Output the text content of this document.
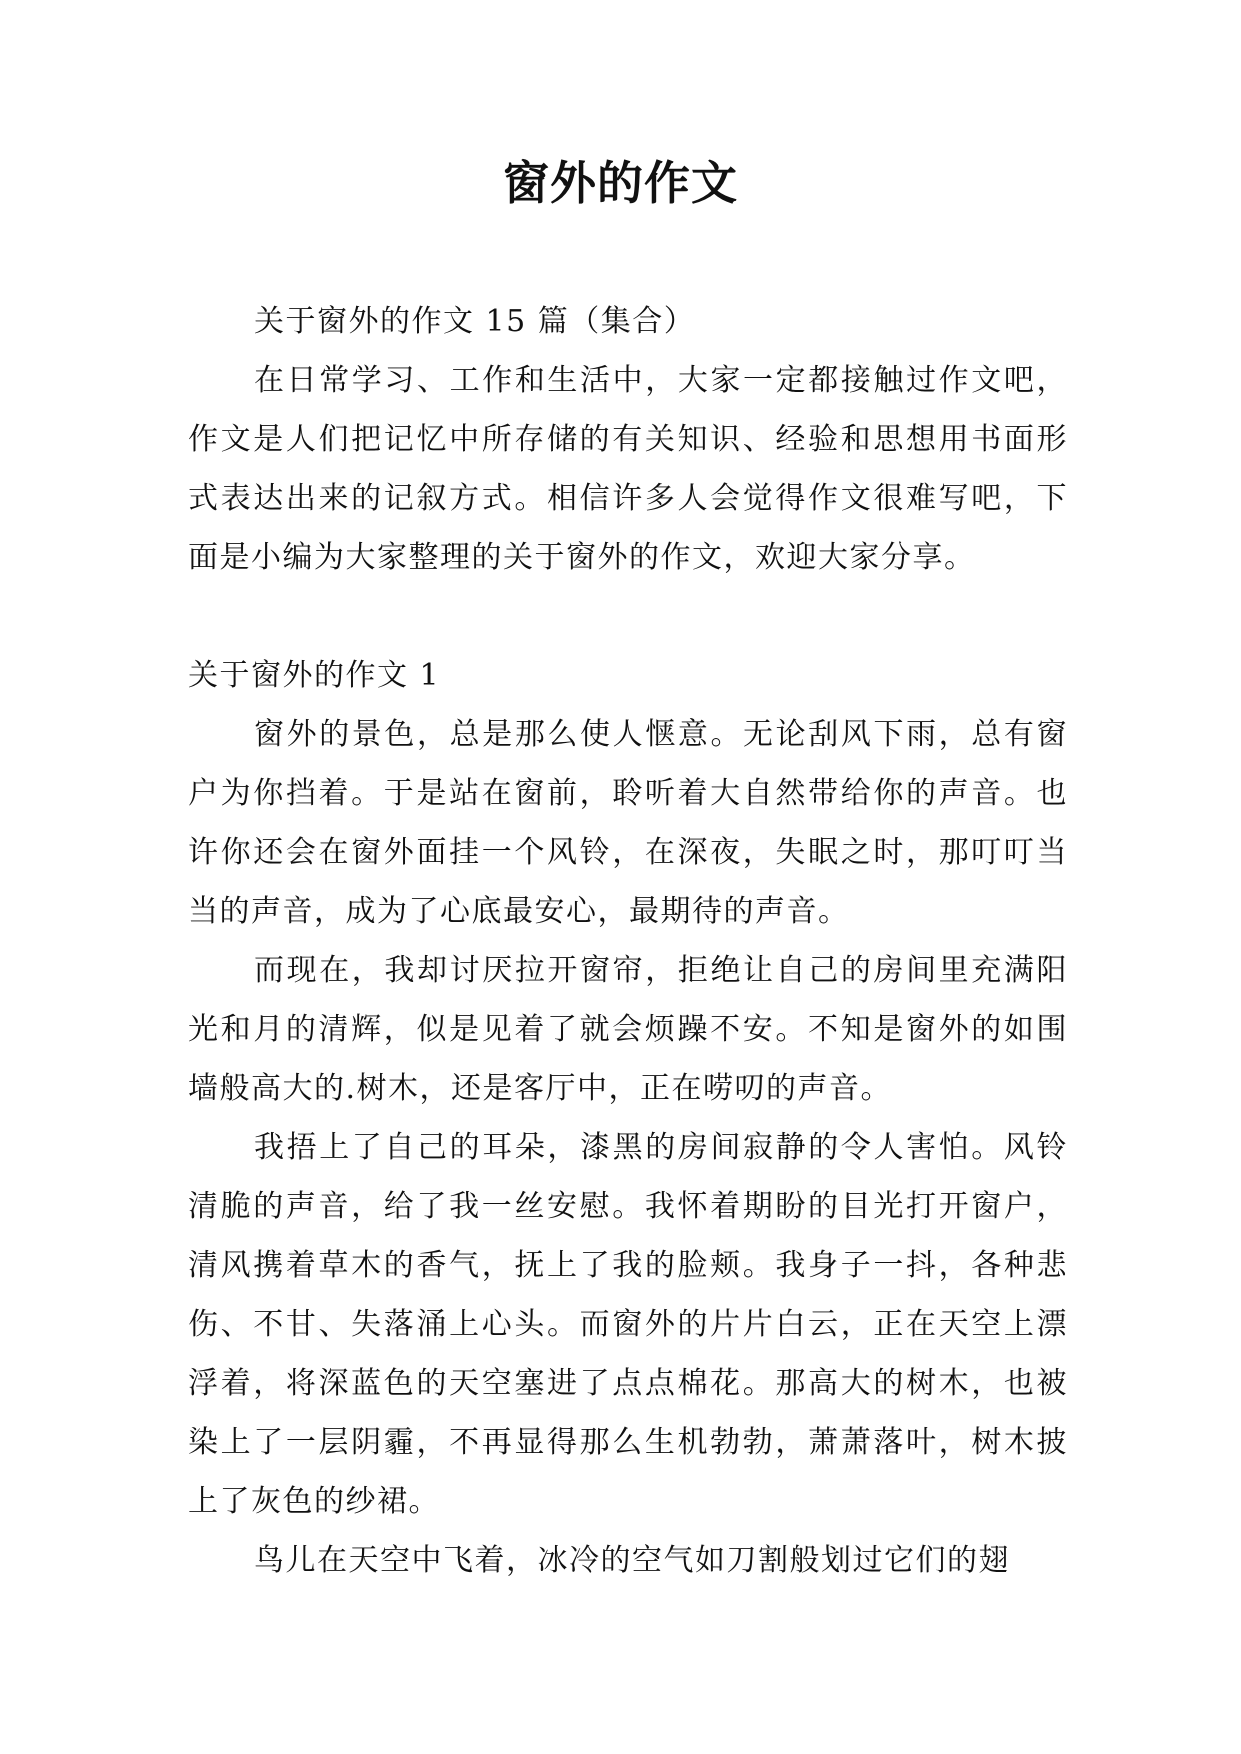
窗外的作文

关于窗外的作文 15 篇（集合）

在日常学习、工作和生活中，大家一定都接触过作文吧，作文是人们把记忆中所存储的有关知识、经验和思想用书面形式表达出来的记叙方式。相信许多人会觉得作文很难写吧，下面是小编为大家整理的关于窗外的作文，欢迎大家分享。

关于窗外的作文 1

窗外的景色，总是那么使人惬意。无论刮风下雨，总有窗户为你挡着。于是站在窗前，聆听着大自然带给你的声音。也许你还会在窗外面挂一个风铃，在深夜，失眠之时，那叮叮当当的声音，成为了心底最安心，最期待的声音。

而现在，我却讨厌拉开窗帘，拒绝让自己的房间里充满阳光和月的清辉，似是见着了就会烦躁不安。不知是窗外的如围墙般高大的.树木，还是客厅中，正在唠叨的声音。

我捂上了自己的耳朵，漆黑的房间寂静的令人害怕。风铃清脆的声音，给了我一丝安慰。我怀着期盼的目光打开窗户，清风携着草木的香气，抚上了我的脸颊。我身子一抖，各种悲伤、不甘、失落涌上心头。而窗外的片片白云，正在天空上漂浮着，将深蓝色的天空塞进了点点棉花。那高大的树木，也被染上了一层阴霾，不再显得那么生机勃勃，萧萧落叶，树木披上了灰色的纱裙。

鸟儿在天空中飞着，冰冷的空气如刀割般划过它们的翅
